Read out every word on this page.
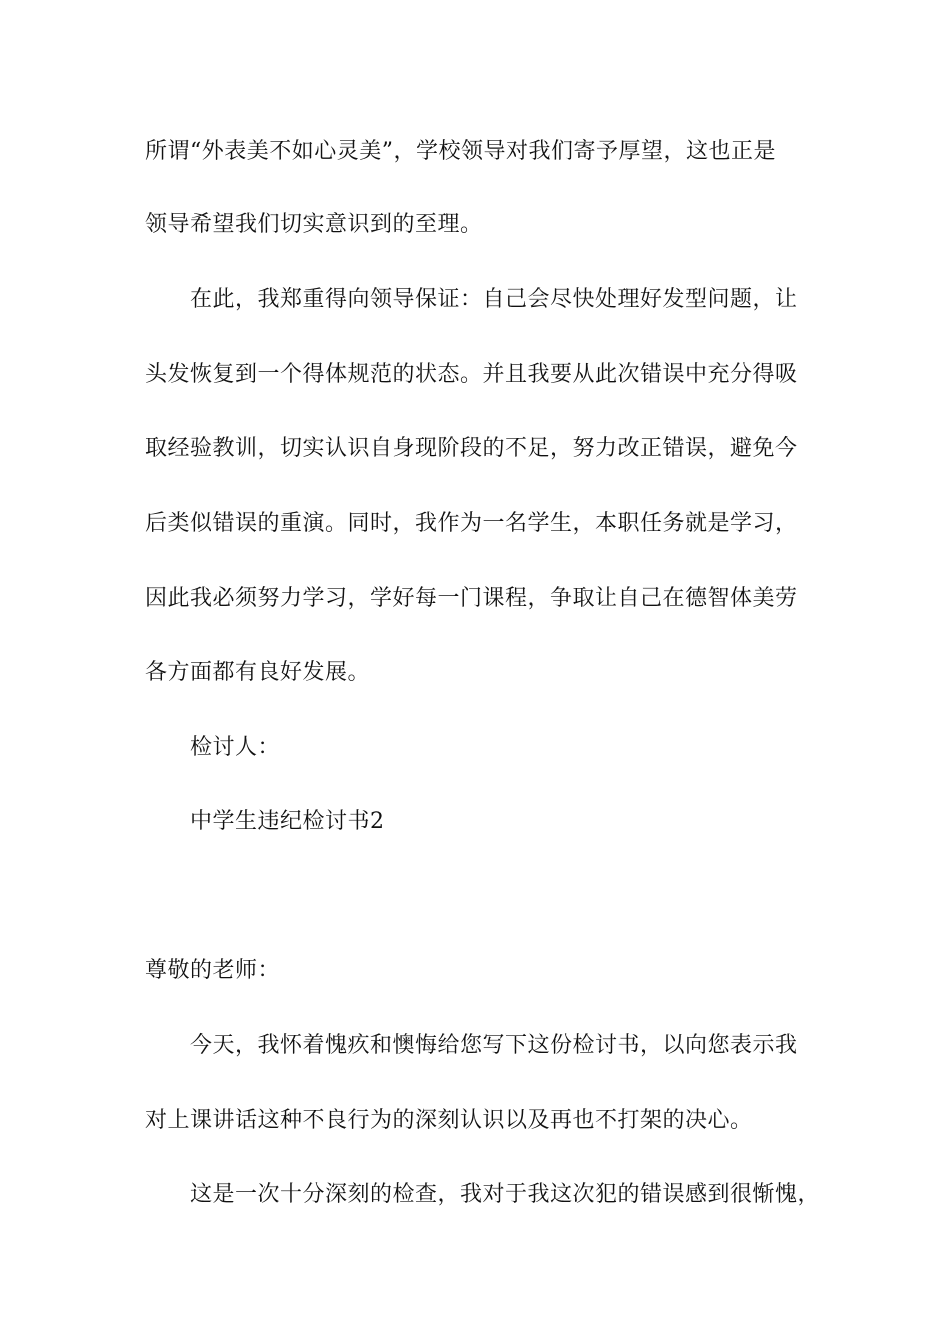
所谓“外表美不如心灵美”，学校领导对我们寄予厚望，这也正是
领导希望我们切实意识到的至理。
在此，我郑重得向领导保证：自己会尽快处理好发型问题，让
头发恢复到一个得体规范的状态。并且我要从此次错误中充分得吸
取经验教训，切实认识自身现阶段的不足，努力改正错误，避免今
后类似错误的重演。同时，我作为一名学生，本职任务就是学习，
因此我必须努力学习，学好每一门课程，争取让自己在德智体美劳
各方面都有良好发展。
检讨人：
中学生违纪检讨书2
尊敬的老师：
今天，我怀着愧疚和懊悔给您写下这份检讨书，以向您表示我
对上课讲话这种不良行为的深刻认识以及再也不打架的决心。
这是一次十分深刻的检查，我对于我这次犯的错误感到很惭愧，
